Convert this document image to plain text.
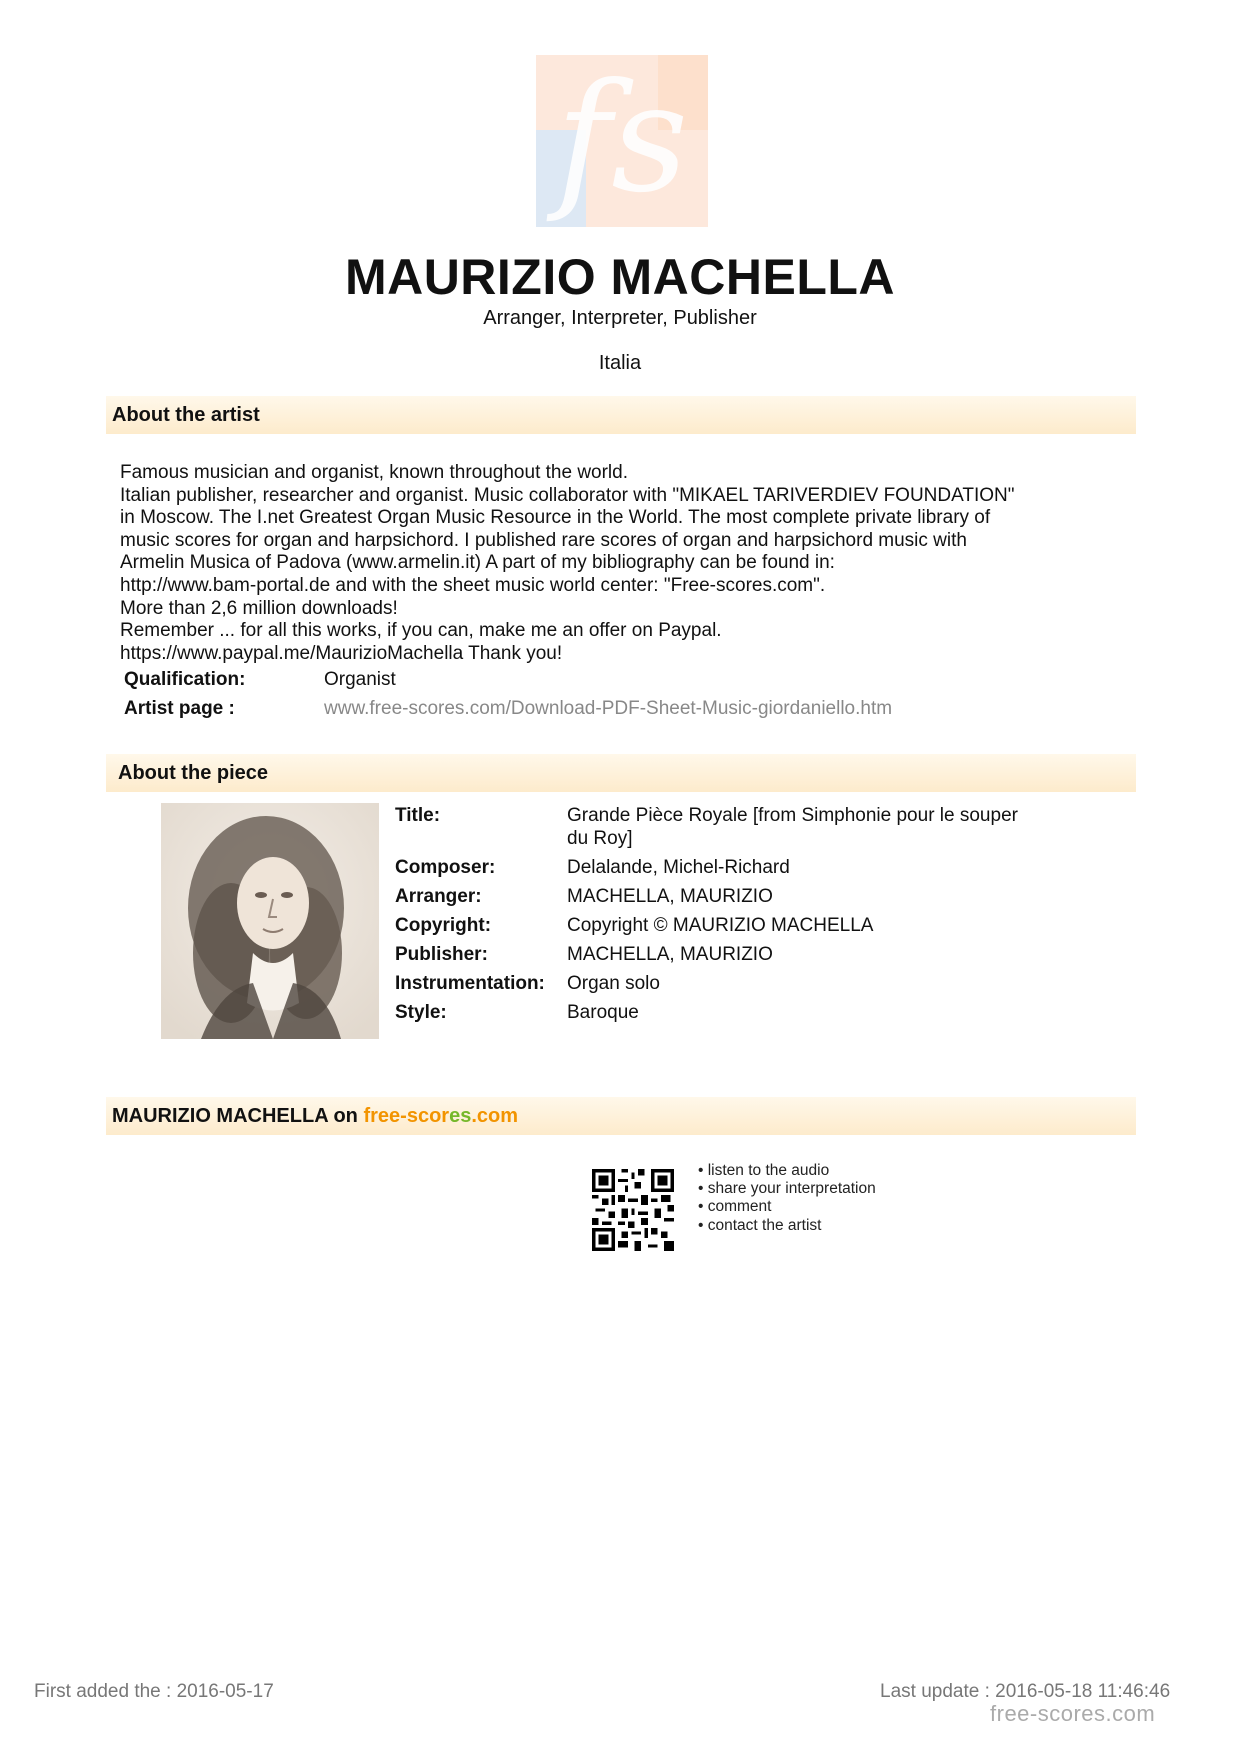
fs
MAURIZIO MACHELLA
Arranger, Interpreter, Publisher
Italia
About the artist
Famous musician and organist, known throughout the world.
Italian publisher, researcher and organist. Music collaborator with "MIKAEL TARIVERDIEV FOUNDATION"
in Moscow. The I.net Greatest Organ Music Resource in the World. The most complete private library of
music scores for organ and harpsichord. I published rare scores of organ and harpsichord music with
Armelin Musica of Padova (www.armelin.it) A part of my bibliography can be found in:
http://www.bam-portal.de and with the sheet music world center: "Free-scores.com".
More than 2,6 million downloads!
Remember ... for all this works, if you can, make me an offer on Paypal.
https://www.paypal.me/MaurizioMachella Thank you!
Qualification:	Organist
Artist page :	www.free-scores.com/Download-PDF-Sheet-Music-giordaniello.htm
About the piece
Title:	Grande Pièce Royale [from Simphonie pour le souper
du Roy]
Composer:	Delalande, Michel-Richard
Arranger:	MACHELLA, MAURIZIO
Copyright:	Copyright © MAURIZIO MACHELLA
Publisher:	MACHELLA, MAURIZIO
Instrumentation: Organ solo
Style:	Baroque
MAURIZIO MACHELLA on free-scores.com
• listen to the audio
• share your interpretation
• comment
• contact the artist
First added the : 2016-05-17	Last update : 2016-05-18 11:46:46
free-scores.com
